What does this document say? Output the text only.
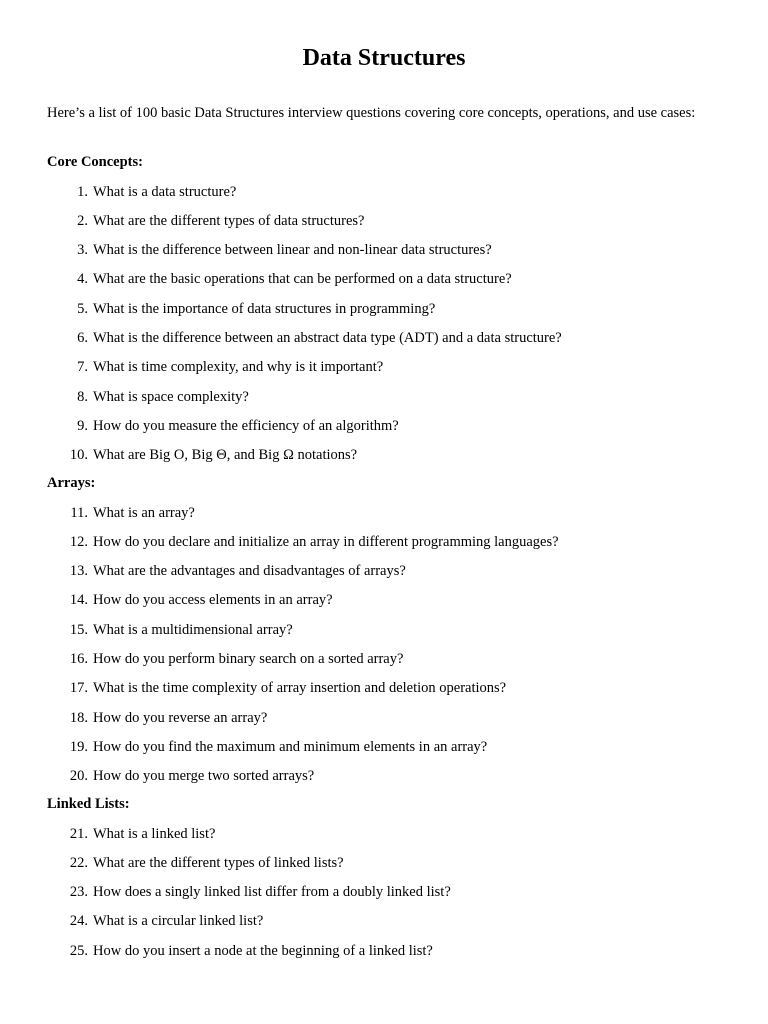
Data Structures
Here’s a list of 100 basic Data Structures interview questions covering core concepts, operations, and use cases:
Core Concepts:
1. What is a data structure?
2. What are the different types of data structures?
3. What is the difference between linear and non-linear data structures?
4. What are the basic operations that can be performed on a data structure?
5. What is the importance of data structures in programming?
6. What is the difference between an abstract data type (ADT) and a data structure?
7. What is time complexity, and why is it important?
8. What is space complexity?
9. How do you measure the efficiency of an algorithm?
10. What are Big O, Big Θ, and Big Ω notations?
Arrays:
11. What is an array?
12. How do you declare and initialize an array in different programming languages?
13. What are the advantages and disadvantages of arrays?
14. How do you access elements in an array?
15. What is a multidimensional array?
16. How do you perform binary search on a sorted array?
17. What is the time complexity of array insertion and deletion operations?
18. How do you reverse an array?
19. How do you find the maximum and minimum elements in an array?
20. How do you merge two sorted arrays?
Linked Lists:
21. What is a linked list?
22. What are the different types of linked lists?
23. How does a singly linked list differ from a doubly linked list?
24. What is a circular linked list?
25. How do you insert a node at the beginning of a linked list?
